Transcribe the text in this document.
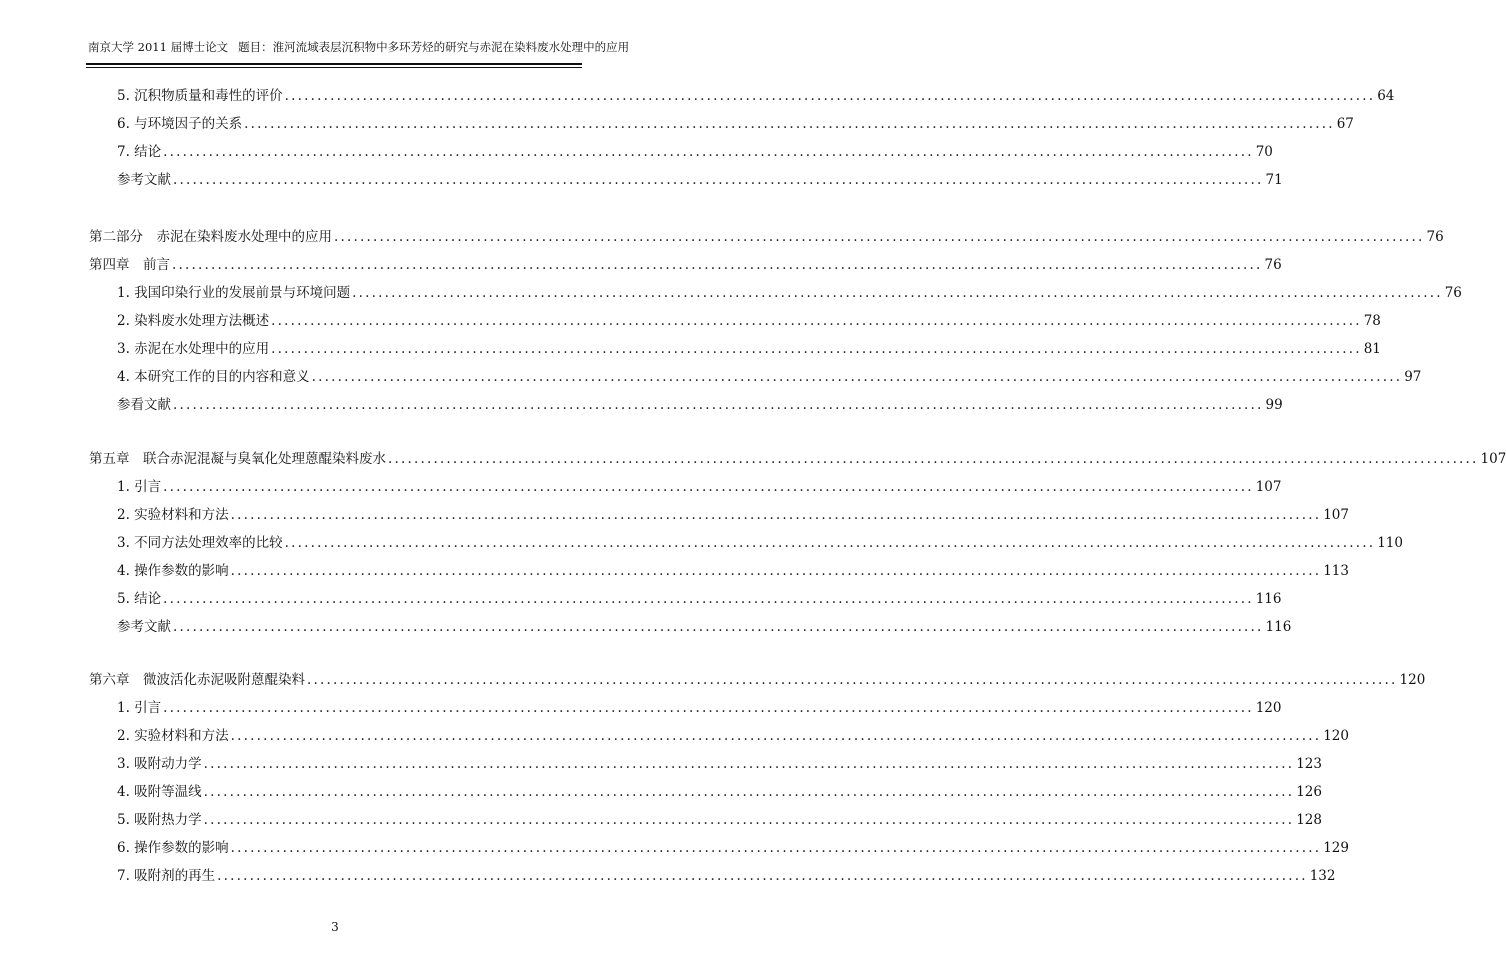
南京大学 2011 届博士论文 题目：淮河流域表层沉积物中多环芳烃的研究与赤泥在染料废水处理中的应用
5. 沉积物质量和毒性的评价 .....	64
6. 与环境因子的关系 .....	67
7. 结论 .....	70
参考文献 .....	71
第二部分　赤泥在染料废水处理中的应用 .....	76
第四章　前言 .....	76
1. 我国印染行业的发展前景与环境问题 .....	76
2. 染料废水处理方法概述 .....	78
3. 赤泥在水处理中的应用 .....	81
4. 本研究工作的目的内容和意义 .....	97
参看文献 .....	99
第五章　联合赤泥混凝与臭氧化处理蒽醌染料废水 .....	107
1. 引言 .....	107
2. 实验材料和方法 .....	107
3. 不同方法处理效率的比较 .....	110
4. 操作参数的影响 .....	113
5. 结论 .....	116
参考文献 .....	116
第六章　微波活化赤泥吸附蒽醌染料 .....	120
1. 引言 .....	120
2. 实验材料和方法 .....	120
3. 吸附动力学 .....	123
4. 吸附等温线 .....	126
5. 吸附热力学 .....	128
6. 操作参数的影响 .....	129
7. 吸附剂的再生 .....	132
3
